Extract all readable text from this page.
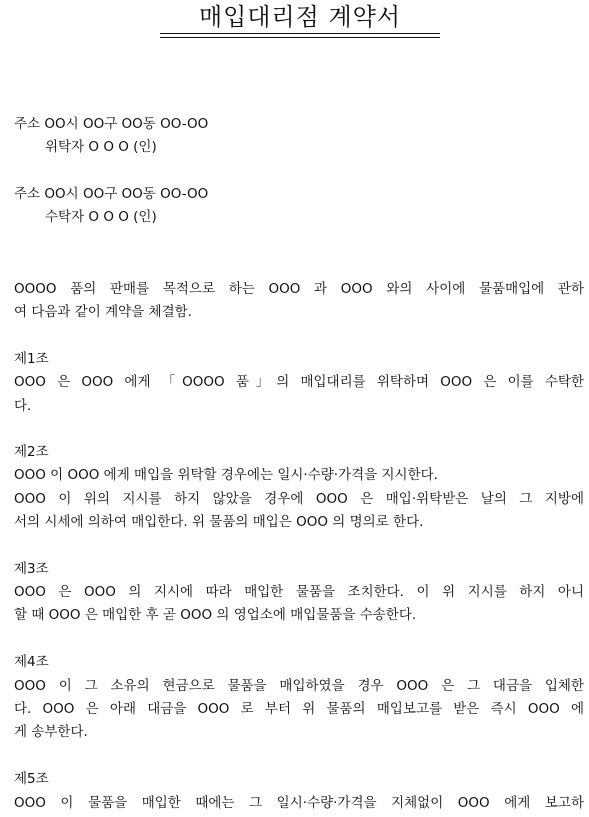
매입대리점 계약서
주소 OO시 OO구 OO동 OO-OO
위탁자 O O O (인)
주소 OO시 OO구 OO동 OO-OO
수탁자 O O O (인)
OOOO 품의 판매를 목적으로 하는 OOO 과 OOO 와의 사이에 물품매입에 관하
여 다음과 같이 계약을 체결함.
제1조
OOO 은 OOO 에게 「OOOO 품」의 매입대리를 위탁하며 OOO 은 이를 수탁한
다.
제2조
OOO 이 OOO 에게 매입을 위탁할 경우에는 일시·수량·가격을 지시한다.
OOO 이 위의 지시를 하지 않았을 경우에 OOO 은 매입·위탁받은 날의 그 지방에
서의 시세에 의하여 매입한다. 위 물품의 매입은 OOO 의 명의로 한다.
제3조
OOO 은 OOO 의 지시에 따라 매입한 물품을 조치한다. 이 위 지시를 하지 아니
할 때 OOO 은 매입한 후 곧 OOO 의 영업소에 매입물품을 수송한다.
제4조
OOO 이 그 소유의 현금으로 물품을 매입하였을 경우 OOO 은 그 대금을 입체한
다. OOO 은 아래 대금을 OOO 로 부터 위 물품의 매입보고를 받은 즉시 OOO 에
게 송부한다.
제5조
OOO 이 물품을 매입한 때에는 그 일시·수량·가격을 지체없이 OOO 에게 보고하
